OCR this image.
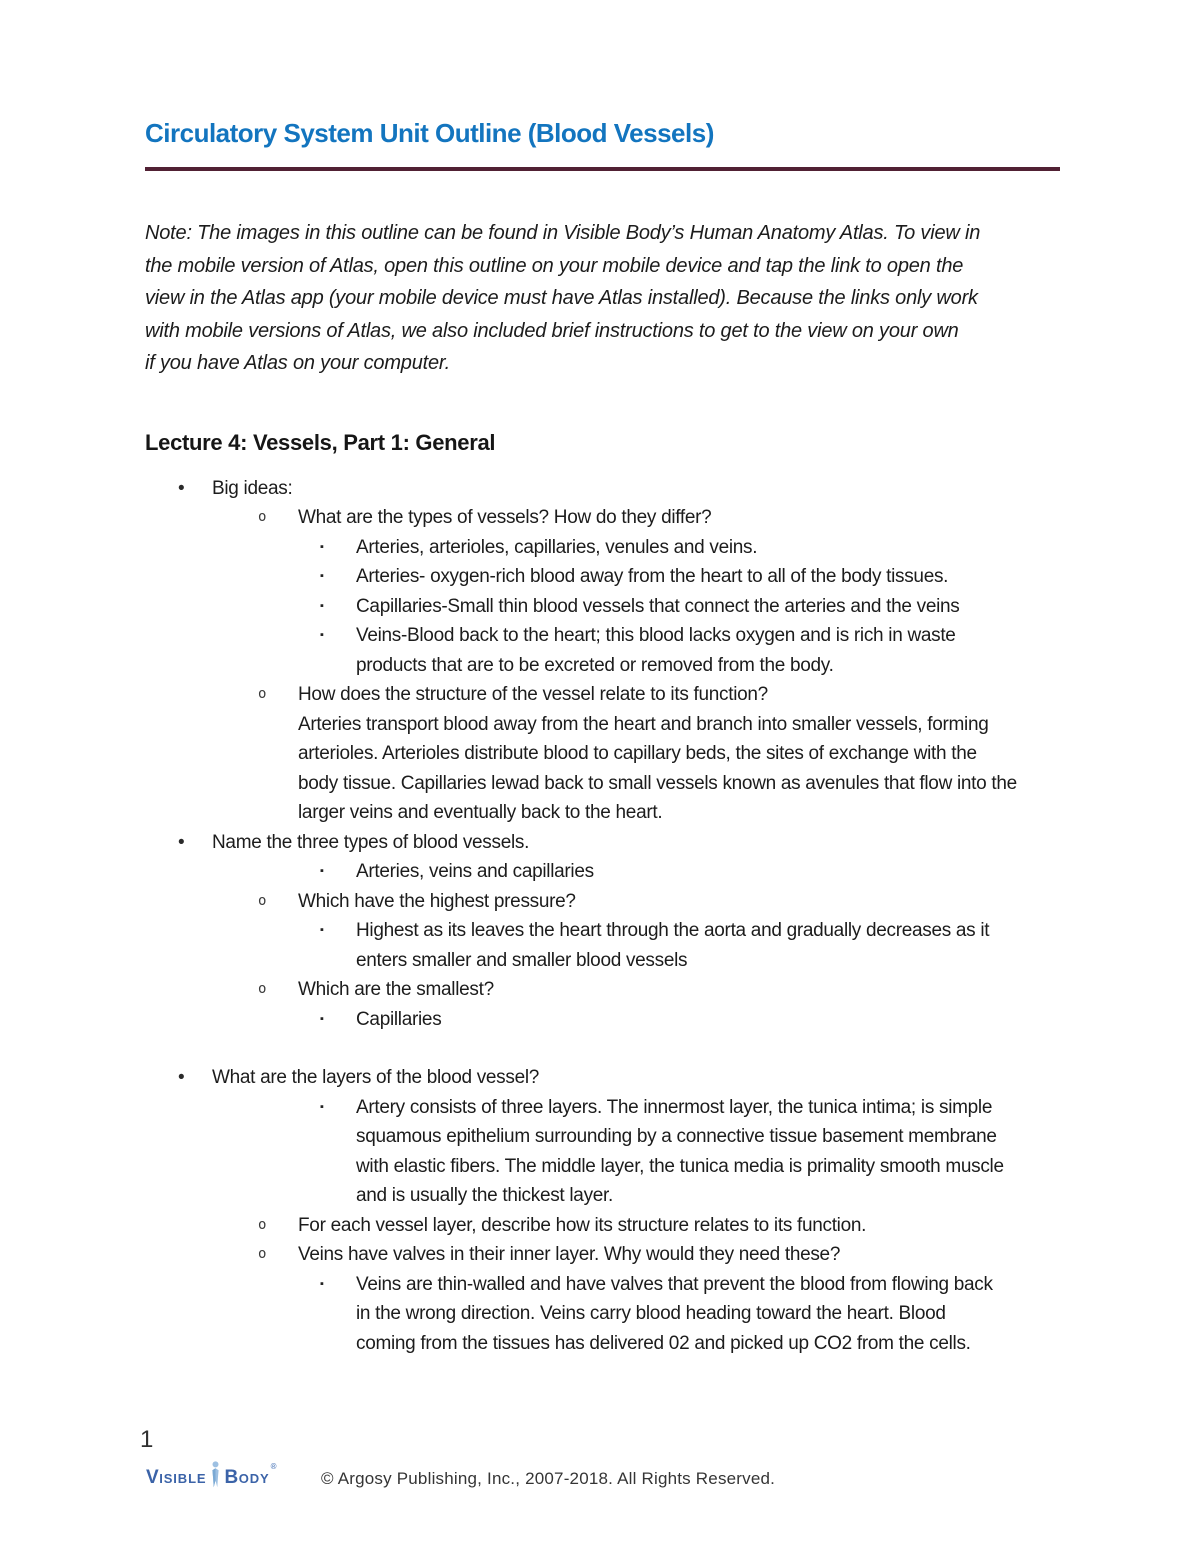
Circulatory System Unit Outline (Blood Vessels)

Note: The images in this outline can be found in Visible Body’s Human Anatomy Atlas. To view in
the mobile version of Atlas, open this outline on your mobile device and tap the link to open the
view in the Atlas app (your mobile device must have Atlas installed). Because the links only work
with mobile versions of Atlas, we also included brief instructions to get to the view on your own
if you have Atlas on your computer.

Lecture 4: Vessels, Part 1: General
•	Big ideas:
o	What are the types of vessels? How do they differ?
▪	Arteries, arterioles, capillaries, venules and veins.
▪	Arteries- oxygen-rich blood away from the heart to all of the body tissues.
▪	Capillaries-Small thin blood vessels that connect the arteries and the veins
▪	Veins-Blood back to the heart; this blood lacks oxygen and is rich in waste
products that are to be excreted or removed from the body.
o	How does the structure of the vessel relate to its function?
Arteries transport blood away from the heart and branch into smaller vessels, forming
arterioles. Arterioles distribute blood to capillary beds, the sites of exchange with the
body tissue. Capillaries lewad back to small vessels known as avenules that flow into the
larger veins and eventually back to the heart.
•	Name the three types of blood vessels.
▪	Arteries, veins and capillaries
o	Which have the highest pressure?
▪	Highest as its leaves the heart through the aorta and gradually decreases as it
enters smaller and smaller blood vessels
o	Which are the smallest?
▪	Capillaries
•	What are the layers of the blood vessel?
▪	Artery consists of three layers. The innermost layer, the tunica intima; is simple
squamous epithelium surrounding by a connective tissue basement membrane
with elastic fibers. The middle layer, the tunica media is primality smooth muscle
and is usually the thickest layer.
o	For each vessel layer, describe how its structure relates to its function.
o	Veins have valves in their inner layer. Why would they need these?
▪	Veins are thin-walled and have valves that prevent the blood from flowing back
in the wrong direction. Veins carry blood heading toward the heart. Blood
coming from the tissues has delivered 02 and picked up CO2 from the cells.
1
V ISIBLE B ODY
®
© Argosy Publishing, Inc., 2007-2018. All Rights Reserved.
